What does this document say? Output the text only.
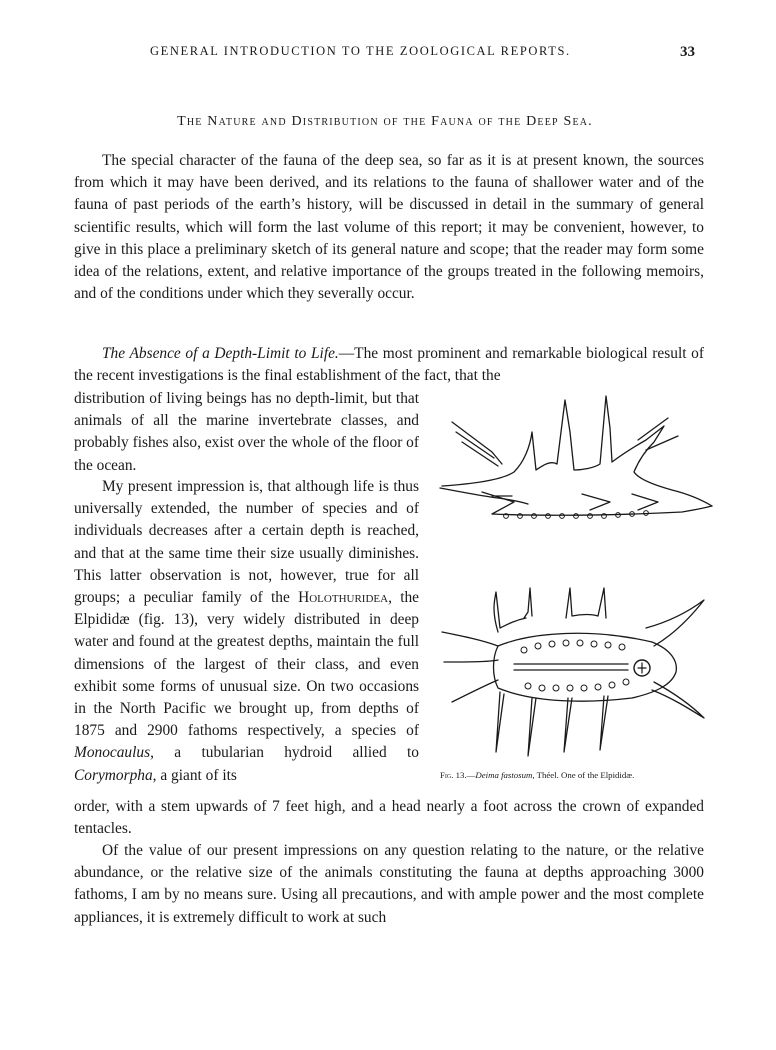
GENERAL INTRODUCTION TO THE ZOOLOGICAL REPORTS.	33
The Nature and Distribution of the Fauna of the Deep Sea.

The special character of the fauna of the deep sea, so far as it is at present known, the sources from which it may have been derived, and its relations to the fauna of shallower water and of the fauna of past periods of the earth’s history, will be discussed in detail in the summary of general scientific results, which will form the last volume of this report; it may be convenient, however, to give in this place a preliminary sketch of its general nature and scope; that the reader may form some idea of the relations, extent, and relative importance of the groups treated in the following memoirs, and of the conditions under which they severally occur.

The Absence of a Depth-Limit to Life.—The most prominent and remarkable biological result of the recent investigations is the final establishment of the fact, that the

distribution of living beings has no depth-limit, but that animals of all the marine invertebrate classes, and probably fishes also, exist over the whole of the floor of the ocean.

My present impression is, that although life is thus universally extended, the number of species and of individuals decreases after a certain depth is reached, and that at the same time their size usually diminishes. This latter observation is not, however, true for all groups; a peculiar family of the Holothuridea, the Elpididæ (fig. 13), very widely distributed in deep water and found at the greatest depths, maintain the full dimensions of the largest of their class, and even exhibit some forms of unusual size. On two occasions in the North Pacific we brought up, from depths of 1875 and 2900 fathoms respectively, a species of Monocaulus, a tubularian hydroid allied to Corymorpha, a giant of its

order, with a stem upwards of 7 feet high, and a head nearly a foot across the crown of expanded tentacles.

Of the value of our present impressions on any question relating to the nature, or the relative abundance, or the relative size of the animals constituting the fauna at depths approaching 3000 fathoms, I am by no means sure. Using all precautions, and with ample power and the most complete appliances, it is extremely difficult to work at such

Fig. 13.—Deima fastosum, Théel. One of the Elpididæ.
